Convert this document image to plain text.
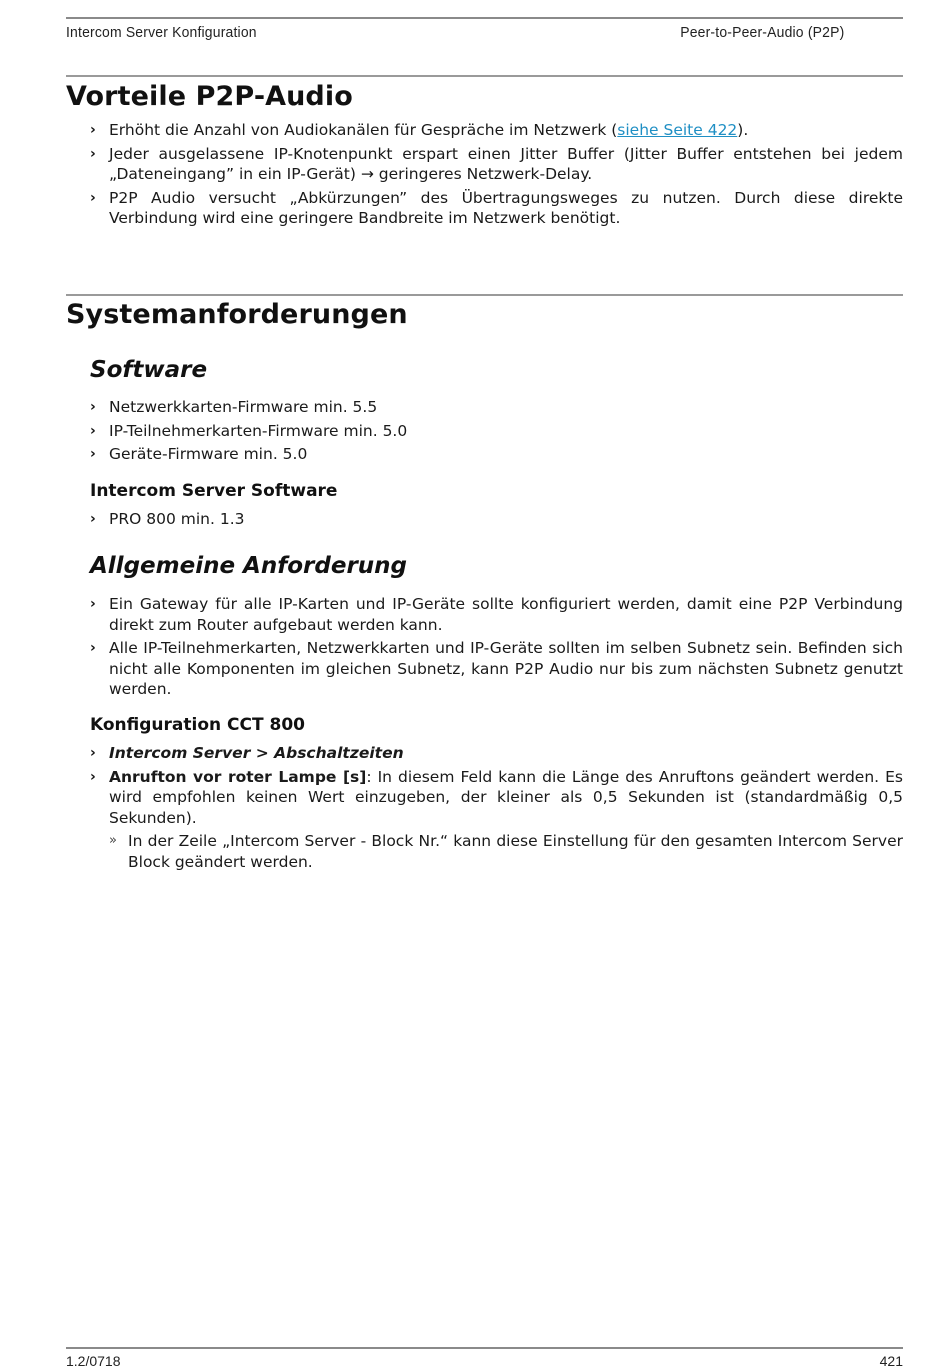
Intercom Server Konfiguration	Peer-to-Peer-Audio (P2P)
Vorteile P2P-Audio
› Erhöht die Anzahl von Audiokanälen für Gespräche im Netzwerk (siehe Seite 422).
› Jeder ausgelassene IP-Knotenpunkt erspart einen Jitter Buffer (Jitter Buffer entstehen bei jedem „Dateneingang” in ein IP-Gerät) → geringeres Netzwerk-Delay.
› P2P Audio versucht „Abkürzungen” des Übertragungsweges zu nutzen. Durch diese direkte Verbindung wird eine geringere Bandbreite im Netzwerk benötigt.
Systemanforderungen
Software
› Netzwerkkarten-Firmware min. 5.5
› IP-Teilnehmerkarten-Firmware min. 5.0
› Geräte-Firmware min. 5.0
Intercom Server Software
› PRO 800 min. 1.3
Allgemeine Anforderung
› Ein Gateway für alle IP-Karten und IP-Geräte sollte konfiguriert werden, damit eine P2P Verbindung direkt zum Router aufgebaut werden kann.
› Alle IP-Teilnehmerkarten, Netzwerkkarten und IP-Geräte sollten im selben Subnetz sein. Befinden sich nicht alle Komponenten im gleichen Subnetz, kann P2P Audio nur bis zum nächsten Subnetz genutzt werden.
Konfiguration CCT 800
› Intercom Server > Abschaltzeiten
› Anrufton vor roter Lampe [s]: In diesem Feld kann die Länge des Anruftons geändert werden. Es wird empfohlen keinen Wert einzugeben, der kleiner als 0,5 Sekunden ist (standardmäßig 0,5 Sekunden).
» In der Zeile „Intercom Server - Block Nr.“ kann diese Einstellung für den gesamten Intercom Server Block geändert werden.
1.2/0718	421
